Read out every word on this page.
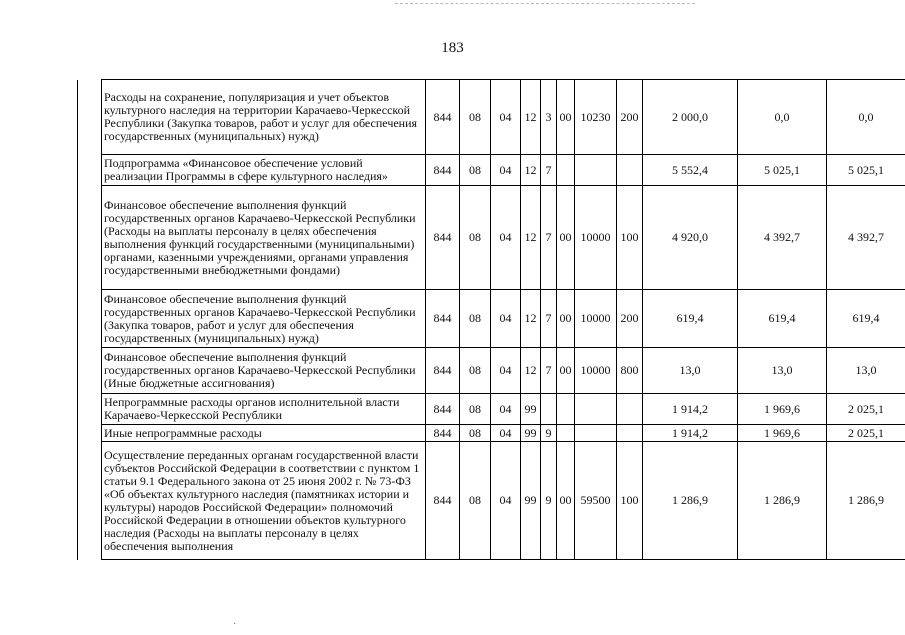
183
	Расходы на сохранение, популяризация и учет объектов культурного наследия на территории Карачаево-Черкесской Республики (Закупка товаров, работ и услуг для обеспечения государственных (муниципальных) нужд)	844	08	04	12	3	00	10230	200	2 000,0	0,0	0,0
	Подпрограмма «Финансовое обеспечение условий реализации Программы в сфере культурного наследия»	844	08	04	12	7				5 552,4	5 025,1	5 025,1
	Финансовое обеспечение выполнения функций государственных органов Карачаево-Черкесской Республики (Расходы на выплаты персоналу в целях обеспечения выполнения функций государственными (муниципальными) органами, казенными учреждениями, органами управления государственными внебюджетными фондами)	844	08	04	12	7	00	10000	100	4 920,0	4 392,7	4 392,7
	Финансовое обеспечение выполнения функций государственных органов Карачаево-Черкесской Республики (Закупка товаров, работ и услуг для обеспечения государственных (муниципальных) нужд)	844	08	04	12	7	00	10000	200	619,4	619,4	619,4
	Финансовое обеспечение выполнения функций государственных органов Карачаево-Черкесской Республики (Иные бюджетные ассигнования)	844	08	04	12	7	00	10000	800	13,0	13,0	13,0
	Непрограммные расходы органов исполнительной власти Карачаево-Черкесской Республики	844	08	04	99					1 914,2	1 969,6	2 025,1
	Иные непрограммные расходы	844	08	04	99	9				1 914,2	1 969,6	2 025,1
	Осуществление переданных органам государственной власти субъектов Российской Федерации в соответствии с пунктом 1 статьи 9.1 Федерального закона от 25 июня 2002 г. № 73-ФЗ «Об объектах культурного наследия (памятниках истории и культуры) народов Российской Федерации» полномочий Российской Федерации в отношении объектов культурного наследия (Расходы на выплаты персоналу в целях обеспечения выполнения	844	08	04	99	9	00	59500	100	1 286,9	1 286,9	1 286,9
·
